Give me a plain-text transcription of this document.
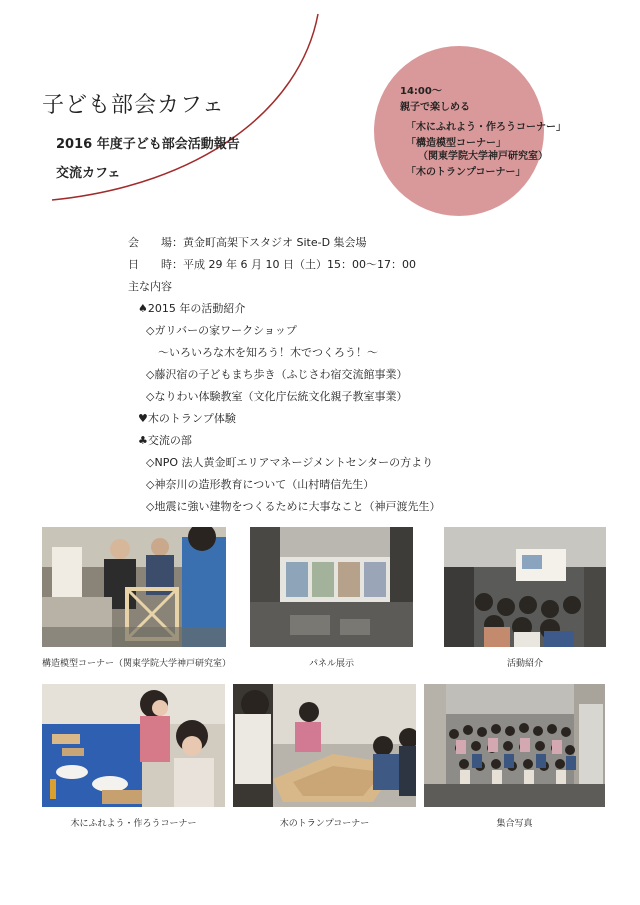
子ども部会カフェ
2016 年度子ども部会活動報告
交流カフェ
14:00～
親子で楽しめる
「木にふれよう・作ろうコーナー」
「構造模型コーナー」
（関東学院大学神戸研究室）
「木のトランプコーナー」
会　　場：黄金町高架下スタジオ Site-D 集会場
日　　時：平成 29 年 6 月 10 日（土）15：00～17：00
主な内容
♠2015 年の活動紹介
◇ガリバーの家ワークショップ
～いろいろな木を知ろう！木でつくろう！～
◇藤沢宿の子どもまち歩き（ふじさわ宿交流館事業）
◇なりわい体験教室（文化庁伝統文化親子教室事業）
♥木のトランプ体験
♣交流の部
◇NPO 法人黄金町エリアマネージメントセンターの方より
◇神奈川の造形教育について（山村晴信先生）
◇地震に強い建物をつくるために大事なこと（神戸渡先生）
構造模型コーナー（関東学院大学神戸研究室）	パネル展示	活動紹介
木にふれよう・作ろうコーナー	木のトランプコーナー	集合写真
